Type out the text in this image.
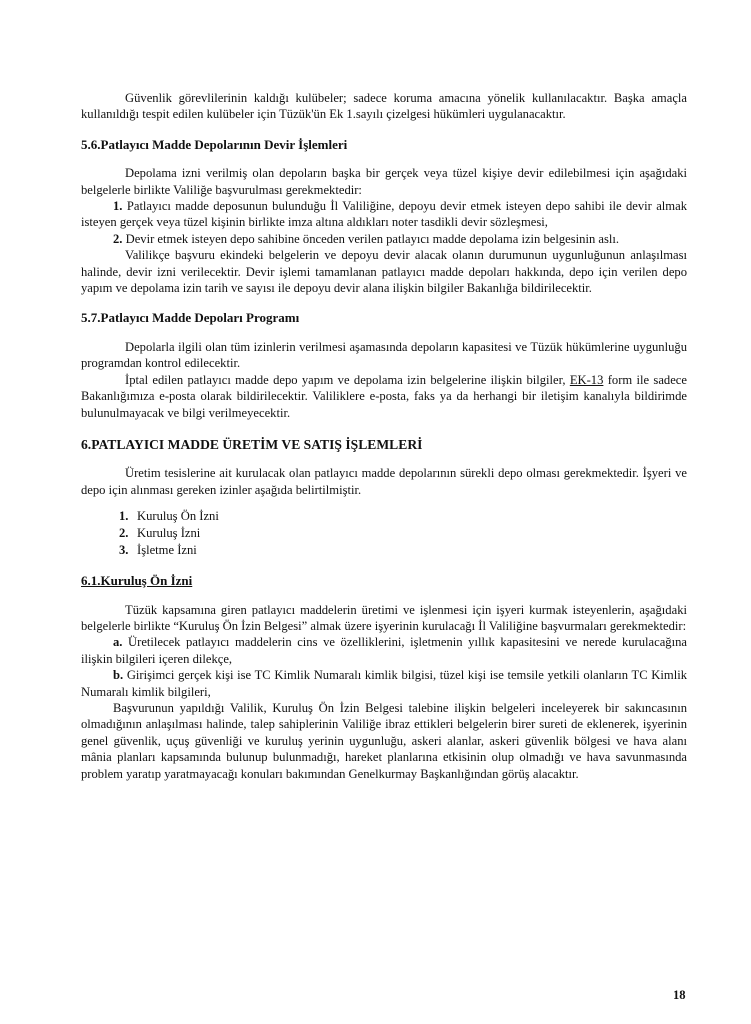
Güvenlik görevlilerinin kaldığı kulübeler; sadece koruma amacına yönelik kullanılacaktır. Başka amaçla kullanıldığı tespit edilen kulübeler için Tüzük'ün Ek 1.sayılı çizelgesi hükümleri uygulanacaktır.

5.6.Patlayıcı Madde Depolarının Devir İşlemleri

Depolama izni verilmiş olan depoların başka bir gerçek veya tüzel kişiye devir edilebilmesi için aşağıdaki belgelerle birlikte Valiliğe başvurulması gerekmektedir:

1. Patlayıcı madde deposunun bulunduğu İl Valiliğine, depoyu devir etmek isteyen depo sahibi ile devir almak isteyen gerçek veya tüzel kişinin birlikte imza altına aldıkları noter tasdikli devir sözleşmesi,

2. Devir etmek isteyen depo sahibine önceden verilen patlayıcı madde depolama izin belgesinin aslı.

Valilikçe başvuru ekindeki belgelerin ve depoyu devir alacak olanın durumunun uygunluğunun anlaşılması halinde, devir izni verilecektir. Devir işlemi tamamlanan patlayıcı madde depoları hakkında, depo için verilen depo yapım ve depolama izin tarih ve sayısı ile depoyu devir alana ilişkin bilgiler Bakanlığa bildirilecektir.

5.7.Patlayıcı Madde Depoları Programı

Depolarla ilgili olan tüm izinlerin verilmesi aşamasında depoların kapasitesi ve Tüzük hükümlerine uygunluğu programdan kontrol edilecektir.

İptal edilen patlayıcı madde depo yapım ve depolama izin belgelerine ilişkin bilgiler, EK-13 form ile sadece Bakanlığımıza e-posta olarak bildirilecektir. Valiliklere e-posta, faks ya da herhangi bir iletişim kanalıyla bildirimde bulunulmayacak ve bilgi verilmeyecektir.

6.PATLAYICI MADDE ÜRETİM VE SATIŞ İŞLEMLERİ

Üretim tesislerine ait kurulacak olan patlayıcı madde depolarının sürekli depo olması gerekmektedir. İşyeri ve depo için alınması gereken izinler aşağıda belirtilmiştir.

1. Kuruluş Ön İzni
2. Kuruluş İzni
3. İşletme İzni
6.1.Kuruluş Ön İzni

Tüzük kapsamına giren patlayıcı maddelerin üretimi ve işlenmesi için işyeri kurmak isteyenlerin, aşağıdaki belgelerle birlikte “Kuruluş Ön İzin Belgesi” almak üzere işyerinin kurulacağı İl Valiliğine başvurmaları gerekmektedir:

a. Üretilecek patlayıcı maddelerin cins ve özelliklerini, işletmenin yıllık kapasitesini ve nerede kurulacağına ilişkin bilgileri içeren dilekçe,

b. Girişimci gerçek kişi ise TC Kimlik Numaralı kimlik bilgisi, tüzel kişi ise temsile yetkili olanların TC Kimlik Numaralı kimlik bilgileri,

Başvurunun yapıldığı Valilik, Kuruluş Ön İzin Belgesi talebine ilişkin belgeleri inceleyerek bir sakıncasının olmadığının anlaşılması halinde, talep sahiplerinin Valiliğe ibraz ettikleri belgelerin birer sureti de eklenerek, işyerinin genel güvenlik, uçuş güvenliği ve kuruluş yerinin uygunluğu, askeri alanlar, askeri güvenlik bölgesi ve hava alanı mânia planları kapsamında bulunup bulunmadığı, hareket planlarına etkisinin olup olmadığı ve hava savunmasında problem yaratıp yaratmayacağı konuları bakımından Genelkurmay Başkanlığından görüş alacaktır.

18
